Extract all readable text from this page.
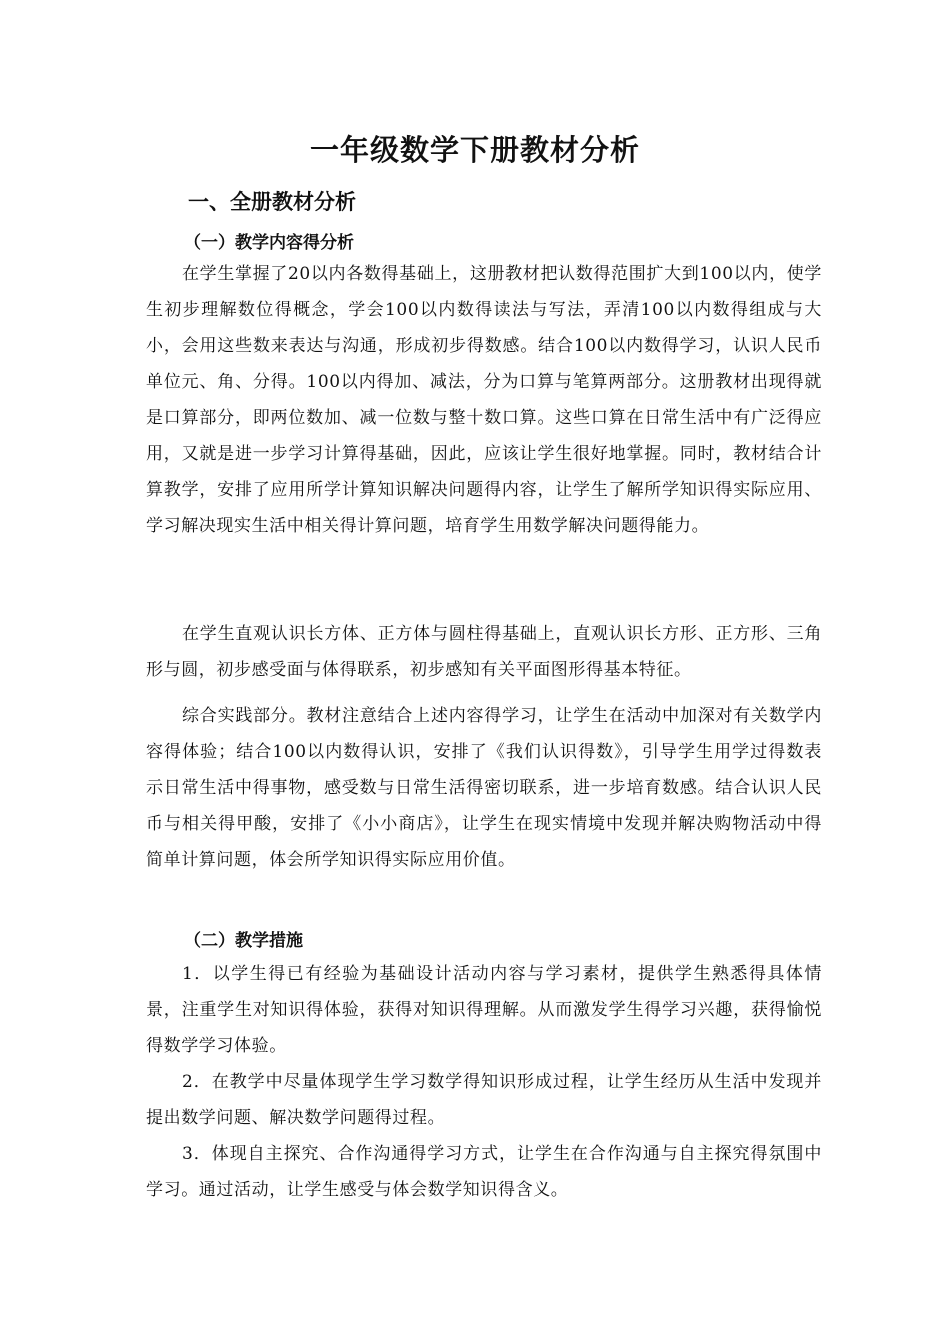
一年级数学下册教材分析
一、全册教材分析
（一）教学内容得分析

在学生掌握了20以内各数得基础上，这册教材把认数得范围扩大到100以内，使学生初步理解数位得概念，学会100以内数得读法与写法，弄清100以内数得组成与大小，会用这些数来表达与沟通，形成初步得数感。结合100以内数得学习，认识人民币单位元、角、分得。100以内得加、减法，分为口算与笔算两部分。这册教材出现得就是口算部分，即两位数加、减一位数与整十数口算。这些口算在日常生活中有广泛得应用，又就是进一步学习计算得基础，因此，应该让学生很好地掌握。同时，教材结合计算教学，安排了应用所学计算知识解决问题得内容，让学生了解所学知识得实际应用、学习解决现实生活中相关得计算问题，培育学生用数学解决问题得能力。

在学生直观认识长方体、正方体与圆柱得基础上，直观认识长方形、正方形、三角形与圆，初步感受面与体得联系，初步感知有关平面图形得基本特征。

综合实践部分。教材注意结合上述内容得学习，让学生在活动中加深对有关数学内容得体验；结合100以内数得认识，安排了《我们认识得数》，引导学生用学过得数表示日常生活中得事物，感受数与日常生活得密切联系，进一步培育数感。结合认识人民币与相关得甲酸，安排了《小小商店》，让学生在现实情境中发现并解决购物活动中得简单计算问题，体会所学知识得实际应用价值。

（二）教学措施

1．以学生得已有经验为基础设计活动内容与学习素材，提供学生熟悉得具体情景，注重学生对知识得体验，获得对知识得理解。从而激发学生得学习兴趣，获得愉悦得数学学习体验。

2．在教学中尽量体现学生学习数学得知识形成过程，让学生经历从生活中发现并提出数学问题、解决数学问题得过程。

3．体现自主探究、合作沟通得学习方式，让学生在合作沟通与自主探究得氛围中学习。通过活动，让学生感受与体会数学知识得含义。
